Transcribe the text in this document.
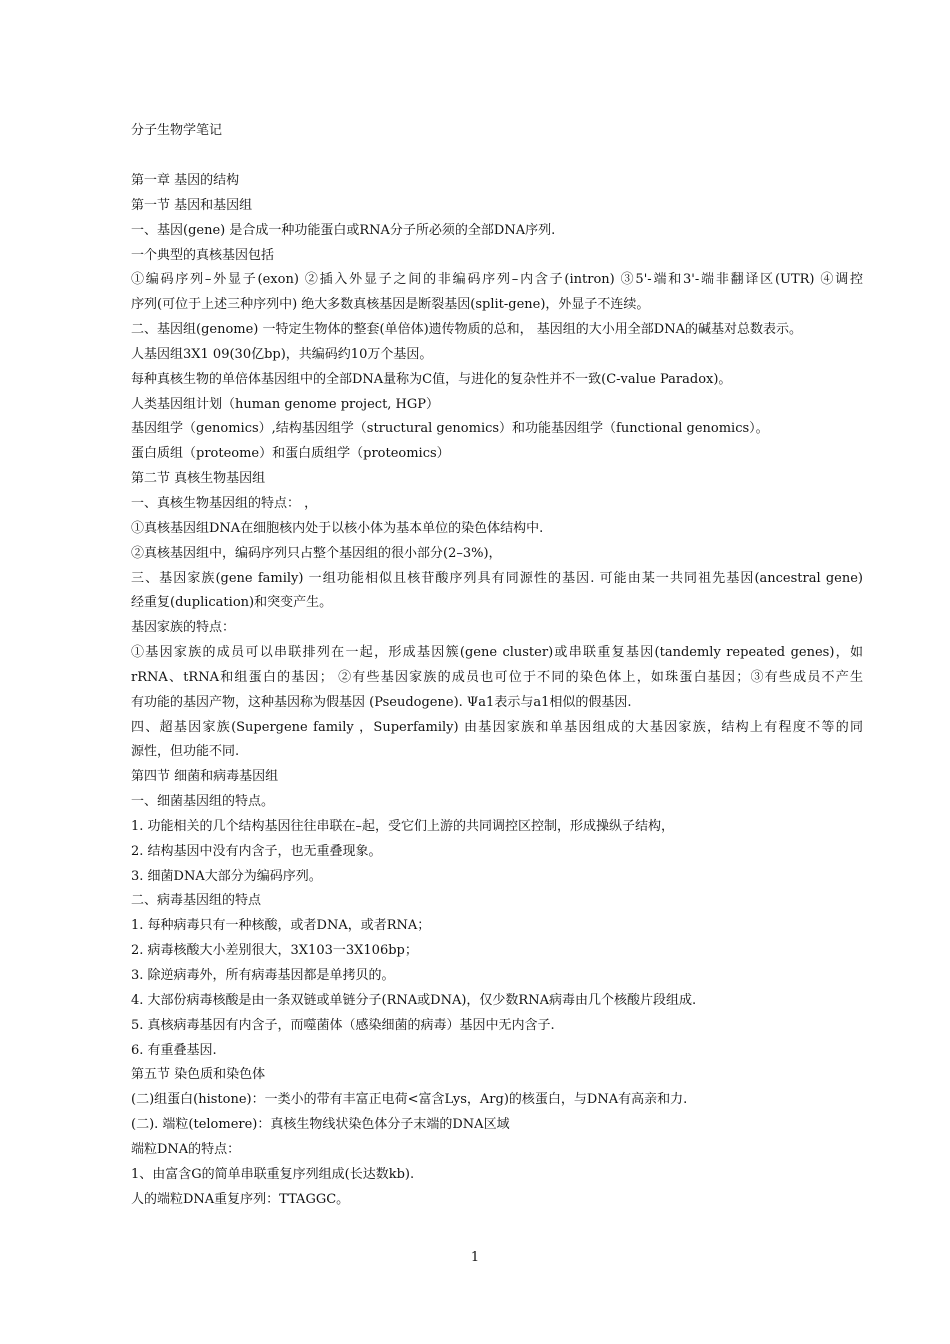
分子生物学笔记

第一章 基因的结构

第一节 基因和基因组

一、基因(gene) 是合成一种功能蛋白或RNA分子所必须的全部DNA序列.

一个典型的真核基因包括

①编码序列–外显子(exon) ②插入外显子之间的非编码序列–内含子(intron) ③5'-端和3'-端非翻译区(UTR) ④调控

序列(可位于上述三种序列中) 绝大多数真核基因是断裂基因(split-gene)，外显子不连续。

二、基因组(genome) 一特定生物体的整套(单倍体)遗传物质的总和， 基因组的大小用全部DNA的碱基对总数表示。

人基因组3X1 09(30亿bp)，共编码约10万个基因。

每种真核生物的单倍体基因组中的全部DNA量称为C值，与进化的复杂性并不一致(C-value Paradox)。

人类基因组计划（human genome project, HGP）

基因组学（genomics）,结构基因组学（structural genomics）和功能基因组学（functional genomics）。

蛋白质组（proteome）和蛋白质组学（proteomics）

第二节 真核生物基因组

一、真核生物基因组的特点： ，

①真核基因组DNA在细胞核内处于以核小体为基本单位的染色体结构中.

②真核基因组中，编码序列只占整个基因组的很小部分(2–3%)，

三、基因家族(gene family) 一组功能相似且核苷酸序列具有同源性的基因. 可能由某一共同祖先基因(ancestral gene)

经重复(duplication)和突变产生。

基因家族的特点：

①基因家族的成员可以串联排列在一起，形成基因簇(gene cluster)或串联重复基因(tandemly repeated genes)，如

rRNA、tRNA和组蛋白的基因； ②有些基因家族的成员也可位于不同的染色体上，如珠蛋白基因；③有些成员不产生

有功能的基因产物，这种基因称为假基因 (Pseudogene). Ψa1表示与a1相似的假基因.

四、超基因家族(Supergene family ，Superfamily) 由基因家族和单基因组成的大基因家族，结构上有程度不等的同

源性，但功能不同.

第四节 细菌和病毒基因组

一、细菌基因组的特点。

1. 功能相关的几个结构基因往往串联在–起，受它们上游的共同调控区控制，形成操纵子结构，

2. 结构基因中没有内含子，也无重叠现象。

3. 细菌DNA大部分为编码序列。

二、病毒基因组的特点

1. 每种病毒只有一种核酸，或者DNA，或者RNA；

2. 病毒核酸大小差别很大，3X103一3X106bp；

3. 除逆病毒外，所有病毒基因都是单拷贝的。

4. 大部份病毒核酸是由一条双链或单链分子(RNA或DNA)，仅少数RNA病毒由几个核酸片段组成.

5. 真核病毒基因有内含子，而噬菌体（感染细菌的病毒）基因中无内含子.

6. 有重叠基因.

第五节 染色质和染色体

(二)组蛋白(histone)：一类小的带有丰富正电荷<富含Lys，Arg)的核蛋白，与DNA有高亲和力.

(二). 端粒(telomere)：真核生物线状染色体分子末端的DNA区域

端粒DNA的特点：

1、由富含G的简单串联重复序列组成(长达数kb).

人的端粒DNA重复序列：TTAGGC。

1
